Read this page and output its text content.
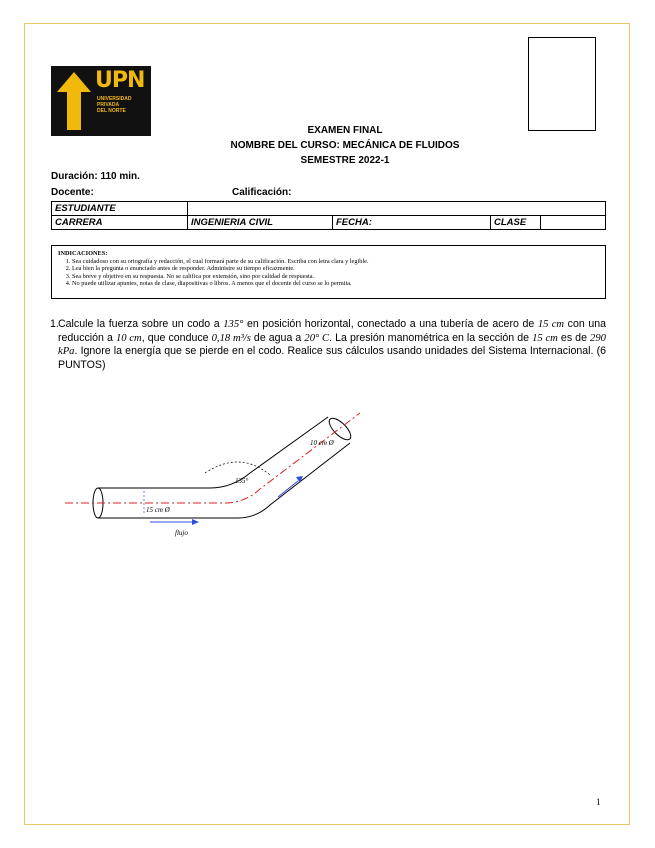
UPN
UNIVERSIDAD
PRIVADA
DEL NORTE
EXAMEN FINAL
NOMBRE DEL CURSO: MECÁNICA DE FLUIDOS
SEMESTRE 2022-1
Duración: 110 min.
Docente:	Calificación:
ESTUDIANTE				
CARRERA	INGENIERIA CIVIL	FECHA:	CLASE	
INDICACIONES:
1. Sea cuidadoso con su ortografía y redacción, el cual formará parte de su calificación. Escriba con letra clara y legible.
2. Lea bien la pregunta o enunciado antes de responder. Administre su tiempo eficazmente.
3. Sea breve y objetivo en su respuesta. No se califica por extensión, sino por calidad de respuesta.
4. No puede utilizar apuntes, notas de clase, diapositivas o libros. A menos que el docente del curso se lo permita.
1. Calcule la fuerza sobre un codo a 135° en posición horizontal, conectado a una tubería de acero de 15 cm con una reducción a 10 cm, que conduce 0,18 m³/s de agua a 20° C. La presión manométrica en la sección de 15 cm es de 290 kPa. Ignore la energía que se pierde en el codo. Realice sus cálculos usando unidades del Sistema Internacional. (6 PUNTOS)
135°
15 cm Ø
10 cm Ø
flujo
1
